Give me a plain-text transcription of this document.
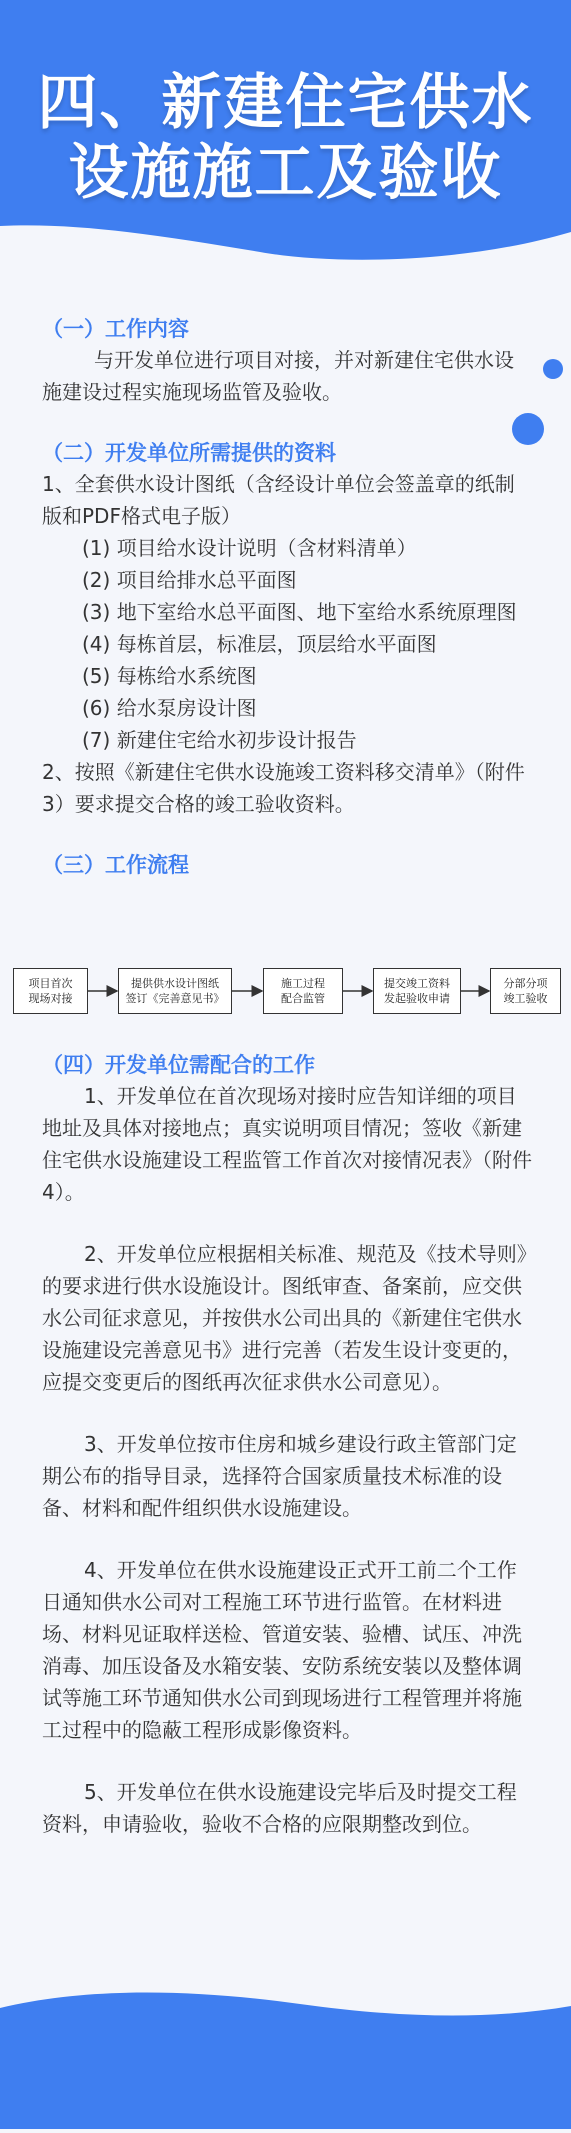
四、新建住宅供水
设施施工及验收
（一）工作内容

与开发单位进行项目对接，并对新建住宅供水设施建设过程实施现场监管及验收。

（二）开发单位所需提供的资料

1、全套供水设计图纸（含经设计单位会签盖章的纸制版和PDF格式电子版）

(1) 项目给水设计说明（含材料清单）

(2) 项目给排水总平面图

(3) 地下室给水总平面图、地下室给水系统原理图

(4) 每栋首层，标准层，顶层给水平面图

(5) 每栋给水系统图

(6) 给水泵房设计图

(7) 新建住宅给水初步设计报告

2、按照《新建住宅供水设施竣工资料移交清单》（附件3）要求提交合格的竣工验收资料。

（三）工作流程
项目首次
现场对接
提供供水设计图纸
签订《完善意见书》
施工过程
配合监管
提交竣工资料
发起验收申请
分部分项
竣工验收
（四）开发单位需配合的工作

1、开发单位在首次现场对接时应告知详细的项目地址及具体对接地点；真实说明项目情况；签收《新建住宅供水设施建设工程监管工作首次对接情况表》（附件4）。

2、开发单位应根据相关标准、规范及《技术导则》的要求进行供水设施设计。图纸审查、备案前，应交供水公司征求意见，并按供水公司出具的《新建住宅供水设施建设完善意见书》进行完善（若发生设计变更的，应提交变更后的图纸再次征求供水公司意见）。

3、开发单位按市住房和城乡建设行政主管部门定期公布的指导目录，选择符合国家质量技术标准的设备、材料和配件组织供水设施建设。

4、开发单位在供水设施建设正式开工前二个工作日通知供水公司对工程施工环节进行监管。在材料进场、材料见证取样送检、管道安装、验槽、试压、冲洗消毒、加压设备及水箱安装、安防系统安装以及整体调试等施工环节通知供水公司到现场进行工程管理并将施工过程中的隐蔽工程形成影像资料。

5、开发单位在供水设施建设完毕后及时提交工程资料，申请验收，验收不合格的应限期整改到位。
